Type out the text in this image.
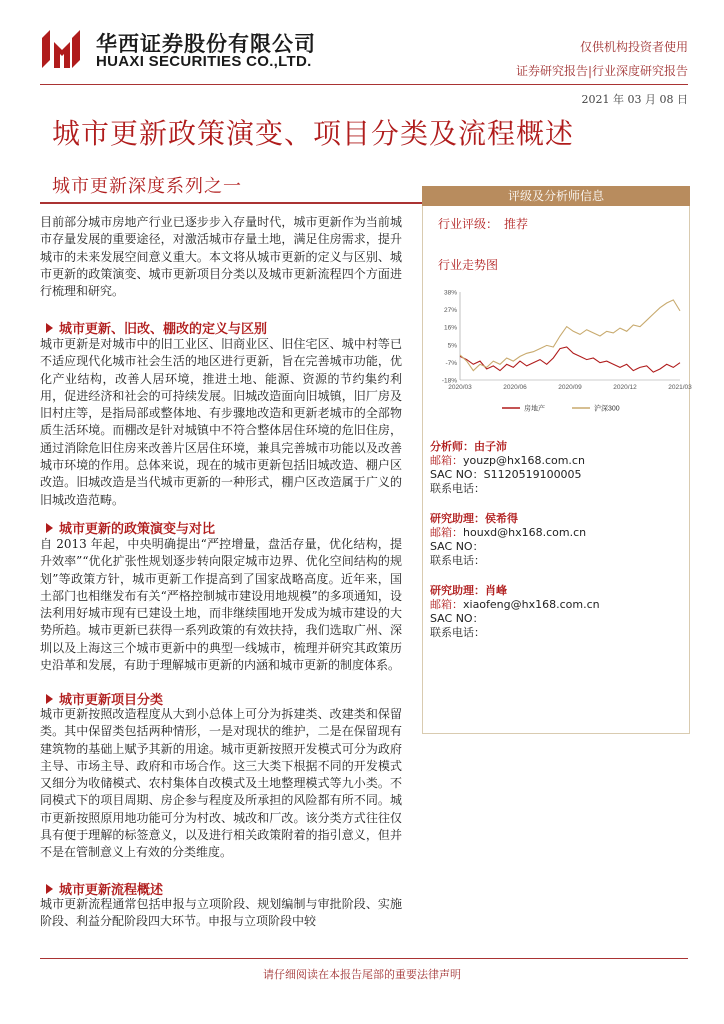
华西证券股份有限公司
HUAXI SECURITIES CO.,LTD.
仅供机构投资者使用
证券研究报告|行业深度研究报告
2021 年 03 月 08 日
城市更新政策演变、项目分类及流程概述
城市更新深度系列之一
目前部分城市房地产行业已逐步步入存量时代，城市更新作为当前城市存量发展的重要途径，对激活城市存量土地，满足住房需求，提升城市的未来发展空间意义重大。本文将从城市更新的定义与区别、城市更新的政策演变、城市更新项目分类以及城市更新流程四个方面进行梳理和研究。
城市更新、旧改、棚改的定义与区别
城市更新是对城市中的旧工业区、旧商业区、旧住宅区、城中村等已不适应现代化城市社会生活的地区进行更新，旨在完善城市功能，优化产业结构，改善人居环境，推进土地、能源、资源的节约集约利用，促进经济和社会的可持续发展。旧城改造面向旧城镇，旧厂房及旧村庄等，是指局部或整体地、有步骤地改造和更新老城市的全部物质生活环境。而棚改是针对城镇中不符合整体居住环境的危旧住房，通过消除危旧住房来改善片区居住环境，兼具完善城市功能以及改善城市环境的作用。总体来说，现在的城市更新包括旧城改造、棚户区改造。旧城改造是当代城市更新的一种形式，棚户区改造属于广义的旧城改造范畴。
城市更新的政策演变与对比
自 2013 年起，中央明确提出“严控增量，盘活存量，优化结构，提升效率”“优化扩张性规划逐步转向限定城市边界、优化空间结构的规划”等政策方针，城市更新工作提高到了国家战略高度。近年来，国土部门也相继发布有关“严格控制城市建设用地规模”的多项通知，设法利用好城市现有已建设土地，而非继续围地开发成为城市建设的大势所趋。城市更新已获得一系列政策的有效扶持，我们选取广州、深圳以及上海这三个城市更新中的典型一线城市，梳理并研究其政策历史沿革和发展，有助于理解城市更新的内涵和城市更新的制度体系。
城市更新项目分类
城市更新按照改造程度从大到小总体上可分为拆建类、改建类和保留类。其中保留类包括两种情形，一是对现状的维护，二是在保留现有建筑物的基础上赋予其新的用途。城市更新按照开发模式可分为政府主导、市场主导、政府和市场合作。这三大类下根据不同的开发模式又细分为收储模式、农村集体自改模式及土地整理模式等九小类。不同模式下的项目周期、房企参与程度及所承担的风险都有所不同。城市更新按照原用地功能可分为村改、城改和厂改。该分类方式往往仅具有便于理解的标签意义，以及进行相关政策附着的指引意义，但并不是在管制意义上有效的分类维度。
城市更新流程概述
城市更新流程通常包括申报与立项阶段、规划编制与审批阶段、实施阶段、利益分配阶段四大环节。申报与立项阶段中较
评级及分析师信息
行业评级： 推荐
行业走势图
38%
27%
16%
5%
-7%
-18%
2020/03	2020/06	2020/09	2020/12	2021/03
房地产	沪深300
分析师：由子沛
邮箱：youzp@hx168.com.cn
SAC NO：S1120519100005
联系电话：
研究助理：侯希得
邮箱：houxd@hx168.com.cn
SAC NO：
联系电话：
研究助理：肖峰
邮箱：xiaofeng@hx168.com.cn
SAC NO：
联系电话：
请仔细阅读在本报告尾部的重要法律声明
